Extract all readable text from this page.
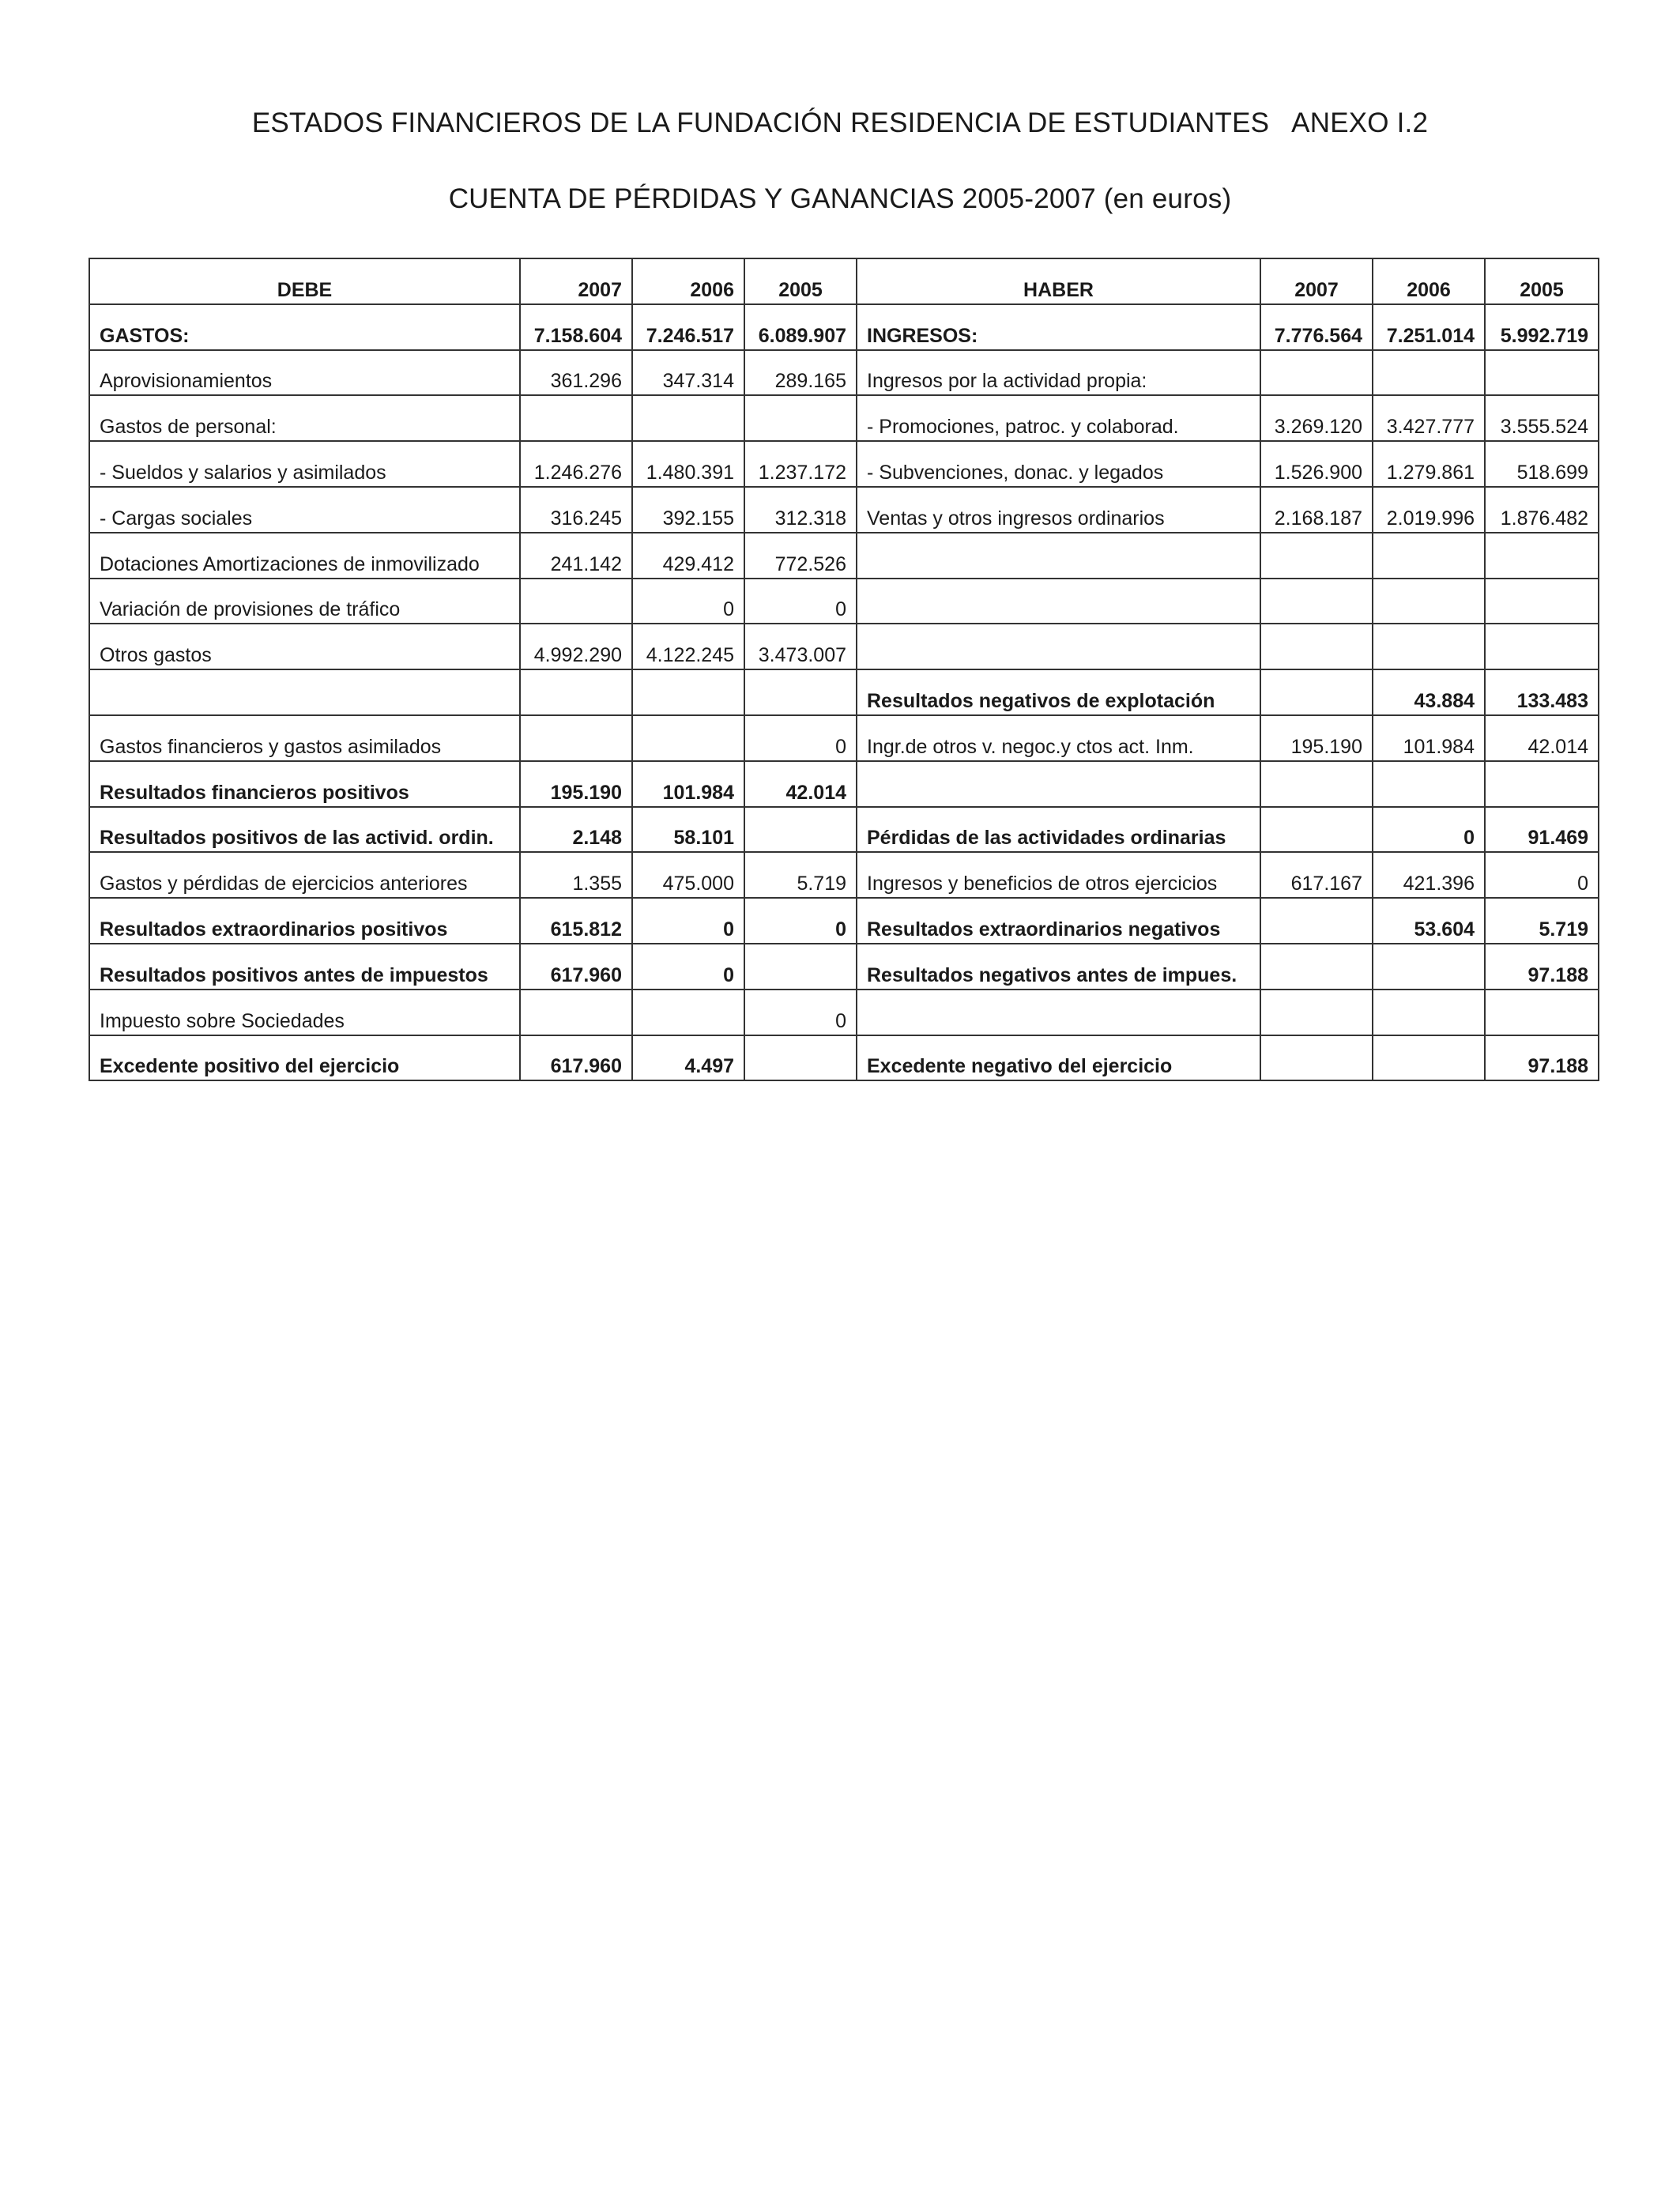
ESTADOS FINANCIEROS DE LA FUNDACIÓN RESIDENCIA DE ESTUDIANTES ANEXO I.2
CUENTA DE PÉRDIDAS Y GANANCIAS 2005-2007 (en euros)
DEBE	2007	2006	2005	HABER	2007	2006	2005
GASTOS:	7.158.604	7.246.517	6.089.907	INGRESOS:	7.776.564	7.251.014	5.992.719
Aprovisionamientos	361.296	347.314	289.165	Ingresos por la actividad propia:			
Gastos de personal:				- Promociones, patroc. y colaborad.	3.269.120	3.427.777	3.555.524
- Sueldos y salarios y asimilados	1.246.276	1.480.391	1.237.172	- Subvenciones, donac. y legados	1.526.900	1.279.861	518.699
- Cargas sociales	316.245	392.155	312.318	Ventas y otros ingresos ordinarios	2.168.187	2.019.996	1.876.482
Dotaciones Amortizaciones de inmovilizado	241.142	429.412	772.526				
Variación de provisiones de tráfico		0	0				
Otros gastos	4.992.290	4.122.245	3.473.007				
				Resultados negativos de explotación		43.884	133.483
Gastos financieros y gastos asimilados			0	Ingr.de otros v. negoc.y ctos act. Inm.	195.190	101.984	42.014
Resultados financieros positivos	195.190	101.984	42.014				
Resultados positivos de las activid. ordin.	2.148	58.101		Pérdidas de las actividades ordinarias		0	91.469
Gastos y pérdidas de ejercicios anteriores	1.355	475.000	5.719	Ingresos y beneficios de otros ejercicios	617.167	421.396	0
Resultados extraordinarios positivos	615.812	0	0	Resultados extraordinarios negativos		53.604	5.719
Resultados positivos antes de impuestos	617.960	0		Resultados negativos antes de impues.			97.188
Impuesto sobre Sociedades			0				
Excedente positivo del ejercicio	617.960	4.497		Excedente negativo del ejercicio			97.188
